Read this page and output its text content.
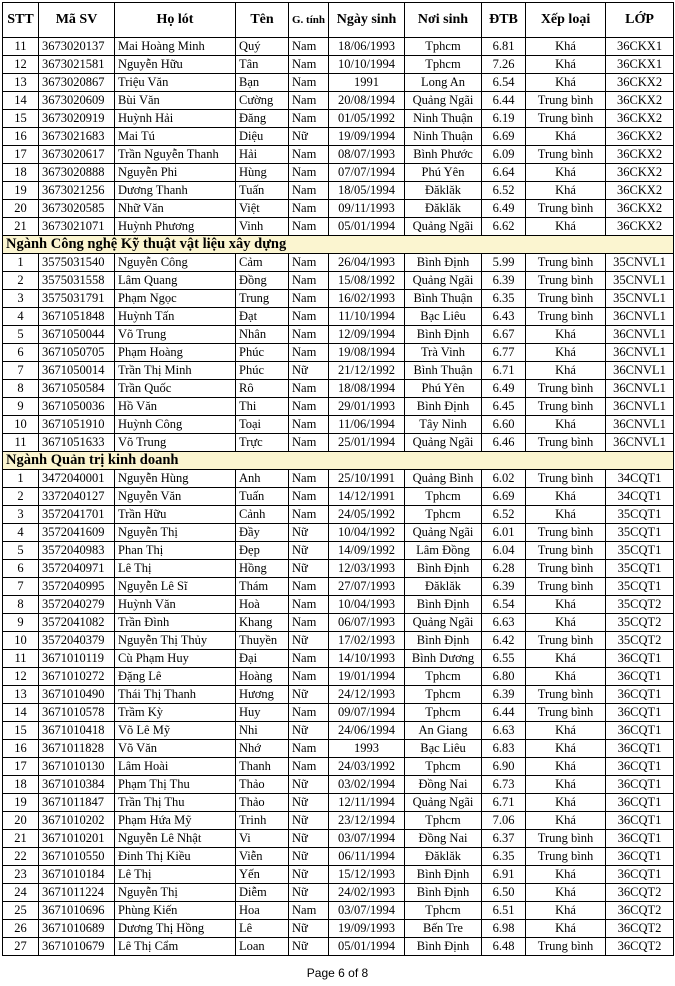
STT	Mã SV	Họ lót	Tên	G. tính	Ngày sinh	Nơi sinh	ĐTB	Xếp loại	LỚP
11	3673020137	Mai Hoàng Minh	Quý	Nam	18/06/1993	Tphcm	6.81	Khá	36CKX1
12	3673021581	Nguyễn Hữu	Tân	Nam	10/10/1994	Tphcm	7.26	Khá	36CKX1
13	3673020867	Triệu Văn	Bạn	Nam	1991	Long An	6.54	Khá	36CKX2
14	3673020609	Bùi Văn	Cường	Nam	20/08/1994	Quảng Ngãi	6.44	Trung bình	36CKX2
15	3673020919	Huỳnh Hải	Đăng	Nam	01/05/1992	Ninh Thuận	6.19	Trung bình	36CKX2
16	3673021683	Mai Tú	Diệu	Nữ	19/09/1994	Ninh Thuận	6.69	Khá	36CKX2
17	3673020617	Trần Nguyễn Thanh	Hải	Nam	08/07/1993	Bình Phước	6.09	Trung bình	36CKX2
18	3673020888	Nguyễn Phi	Hùng	Nam	07/07/1994	Phú Yên	6.64	Khá	36CKX2
19	3673021256	Dương Thanh	Tuấn	Nam	18/05/1994	Đăklăk	6.52	Khá	36CKX2
20	3673020585	Nhữ Văn	Việt	Nam	09/11/1993	Đăklăk	6.49	Trung bình	36CKX2
21	3673021071	Huỳnh Phương	Vinh	Nam	05/01/1994	Quảng Ngãi	6.62	Khá	36CKX2
Ngành Công nghệ Kỹ thuật vật liệu xây dựng									
1	3575031540	Nguyễn Công	Cảm	Nam	26/04/1993	Bình Định	5.99	Trung bình	35CNVL1
2	3575031558	Lâm Quang	Đồng	Nam	15/08/1992	Quảng Ngãi	6.39	Trung bình	35CNVL1
3	3575031791	Phạm Ngọc	Trung	Nam	16/02/1993	Bình Thuận	6.35	Trung bình	35CNVL1
4	3671051848	Huỳnh Tấn	Đạt	Nam	11/10/1994	Bạc Liêu	6.43	Trung bình	36CNVL1
5	3671050044	Võ Trung	Nhân	Nam	12/09/1994	Bình Định	6.67	Khá	36CNVL1
6	3671050705	Phạm Hoàng	Phúc	Nam	19/08/1994	Trà Vinh	6.77	Khá	36CNVL1
7	3671050014	Trần Thị Minh	Phúc	Nữ	21/12/1992	Bình Thuận	6.71	Khá	36CNVL1
8	3671050584	Trần Quốc	Rô	Nam	18/08/1994	Phú Yên	6.49	Trung bình	36CNVL1
9	3671050036	Hồ Văn	Thi	Nam	29/01/1993	Bình Định	6.45	Trung bình	36CNVL1
10	3671051910	Huỳnh Công	Toại	Nam	11/06/1994	Tây Ninh	6.60	Khá	36CNVL1
11	3671051633	Võ Trung	Trực	Nam	25/01/1994	Quảng Ngãi	6.46	Trung bình	36CNVL1
Ngành Quản trị kinh doanh									
1	3472040001	Nguyễn Hùng	Anh	Nam	25/10/1991	Quảng Bình	6.02	Trung bình	34CQT1
2	3372040127	Nguyễn Văn	Tuấn	Nam	14/12/1991	Tphcm	6.69	Khá	34CQT1
3	3572041701	Trần Hữu	Cảnh	Nam	24/05/1992	Tphcm	6.52	Khá	35CQT1
4	3572041609	Nguyễn Thị	Đầy	Nữ	10/04/1992	Quảng Ngãi	6.01	Trung bình	35CQT1
5	3572040983	Phan Thị	Đẹp	Nữ	14/09/1992	Lâm Đồng	6.04	Trung bình	35CQT1
6	3572040971	Lê Thị	Hồng	Nữ	12/03/1993	Bình Định	6.28	Trung bình	35CQT1
7	3572040995	Nguyễn Lê Sĩ	Thám	Nam	27/07/1993	Đăklăk	6.39	Trung bình	35CQT1
8	3572040279	Huỳnh Văn	Hoà	Nam	10/04/1993	Bình Định	6.54	Khá	35CQT2
9	3572041082	Trần Đình	Khang	Nam	06/07/1993	Quảng Ngãi	6.63	Khá	35CQT2
10	3572040379	Nguyễn Thị Thủy	Thuyền	Nữ	17/02/1993	Bình Định	6.42	Trung bình	35CQT2
11	3671010119	Cù Phạm Huy	Đại	Nam	14/10/1993	Bình Dương	6.55	Khá	36CQT1
12	3671010272	Đặng Lê	Hoàng	Nam	19/01/1994	Tphcm	6.80	Khá	36CQT1
13	3671010490	Thái Thị Thanh	Hương	Nữ	24/12/1993	Tphcm	6.39	Trung bình	36CQT1
14	3671010578	Trầm Kỳ	Huy	Nam	09/07/1994	Tphcm	6.44	Trung bình	36CQT1
15	3671010418	Võ Lê Mỹ	Nhi	Nữ	24/06/1994	An Giang	6.63	Khá	36CQT1
16	3671011828	Võ Văn	Nhớ	Nam	1993	Bạc Liêu	6.83	Khá	36CQT1
17	3671010130	Lâm Hoài	Thanh	Nam	24/03/1992	Tphcm	6.90	Khá	36CQT1
18	3671010384	Phạm Thị Thu	Thảo	Nữ	03/02/1994	Đồng Nai	6.73	Khá	36CQT1
19	3671011847	Trần Thị Thu	Thảo	Nữ	12/11/1994	Quảng Ngãi	6.71	Khá	36CQT1
20	3671010202	Phạm Hứa Mỹ	Trinh	Nữ	23/12/1994	Tphcm	7.06	Khá	36CQT1
21	3671010201	Nguyễn Lê Nhật	Vi	Nữ	03/07/1994	Đồng Nai	6.37	Trung bình	36CQT1
22	3671010550	Đinh Thị Kiều	Viễn	Nữ	06/11/1994	Đăklăk	6.35	Trung bình	36CQT1
23	3671010184	Lê Thị	Yến	Nữ	15/12/1993	Bình Định	6.91	Khá	36CQT1
24	3671011224	Nguyễn Thị	Diễm	Nữ	24/02/1993	Bình Định	6.50	Khá	36CQT2
25	3671010696	Phùng Kiến	Hoa	Nam	03/07/1994	Tphcm	6.51	Khá	36CQT2
26	3671010689	Dương Thị Hồng	Lê	Nữ	19/09/1993	Bến Tre	6.98	Khá	36CQT2
27	3671010679	Lê Thị Cẩm	Loan	Nữ	05/01/1994	Bình Định	6.48	Trung bình	36CQT2
Page 6 of 8
